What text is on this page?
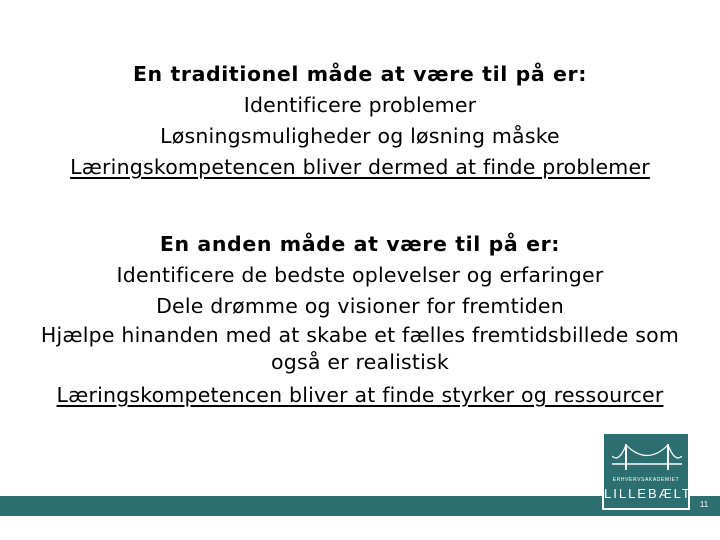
En traditionel måde at være til på er:
Identificere problemer
Løsningsmuligheder og løsning måske
Læringskompetencen bliver dermed at finde problemer
En anden måde at være til på er:
Identificere de bedste oplevelser og erfaringer
Dele drømme og visioner for fremtiden
Hjælpe hinanden med at skabe et fælles fremtidsbillede som også er realistisk
Læringskompetencen bliver at finde styrker og ressourcer
ERHVERVSAKADEMIET
LILLEBÆLT
11
